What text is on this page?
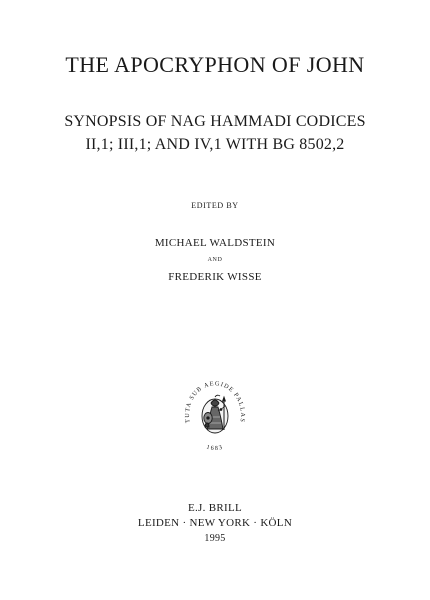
THE APOCRYPHON OF JOHN
SYNOPSIS OF NAG HAMMADI CODICES
II,1; III,1; AND IV,1 WITH BG 8502,2
EDITED BY
MICHAEL WALDSTEIN
AND
FREDERIK WISSE
TUTA SUB AEGIDE PALLAS
1683
E.J. BRILL
LEIDEN · NEW YORK · KÖLN
1995
